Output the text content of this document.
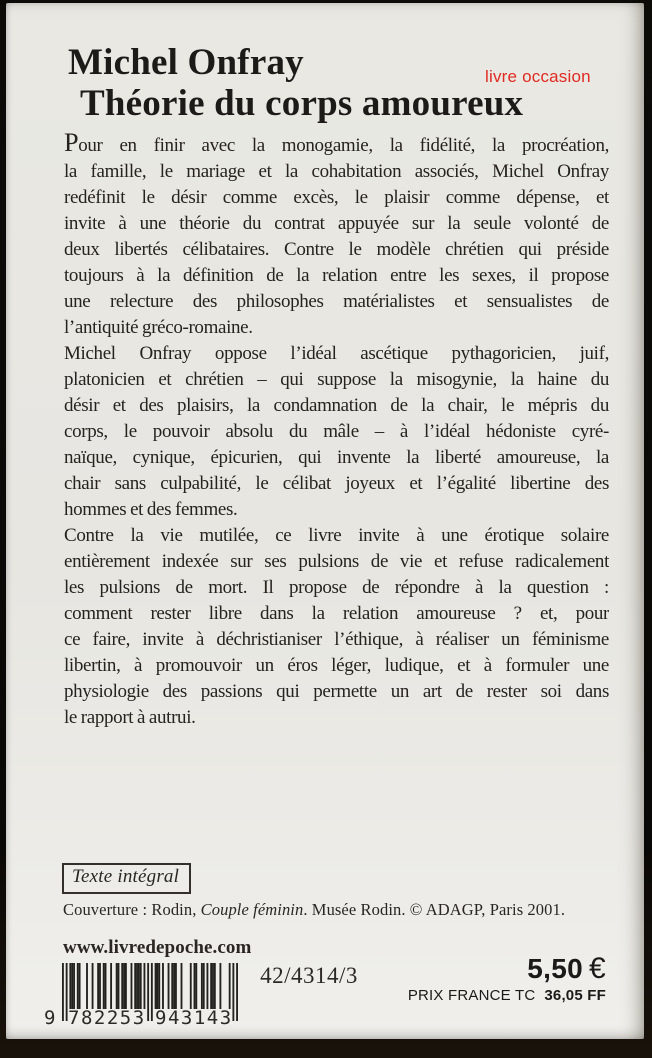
Michel Onfray	livre occasion
Théorie du corps amoureux
Pour en finir avec la monogamie, la fidélité, la procréation,
la famille, le mariage et la cohabitation associés, Michel Onfray
redéfinit le désir comme excès, le plaisir comme dépense, et
invite à une théorie du contrat appuyée sur la seule volonté de
deux libertés célibataires. Contre le modèle chrétien qui préside
toujours à la définition de la relation entre les sexes, il propose
une relecture des philosophes matérialistes et sensualistes de
l’antiquité gréco-romaine.
Michel Onfray oppose l’idéal ascétique pythagoricien, juif,
platonicien et chrétien – qui suppose la misogynie, la haine du
désir et des plaisirs, la condamnation de la chair, le mépris du
corps, le pouvoir absolu du mâle – à l’idéal hédoniste cyré-
naïque, cynique, épicurien, qui invente la liberté amoureuse, la
chair sans culpabilité, le célibat joyeux et l’égalité libertine des
hommes et des femmes.
Contre la vie mutilée, ce livre invite à une érotique solaire
entièrement indexée sur ses pulsions de vie et refuse radicalement
les pulsions de mort. Il propose de répondre à la question :
comment rester libre dans la relation amoureuse ? et, pour
ce faire, invite à déchristianiser l’éthique, à réaliser un féminisme
libertin, à promouvoir un éros léger, ludique, et à formuler une
physiologie des passions qui permette un art de rester soi dans
le rapport à autrui.
Texte intégral
Couverture : Rodin, Couple féminin. Musée Rodin. © ADAGP, Paris 2001.
www.livredepoche.com
9 782253 943143
42/4314/3	5,50 €
PRIX FRANCE TC 36,05 FF
